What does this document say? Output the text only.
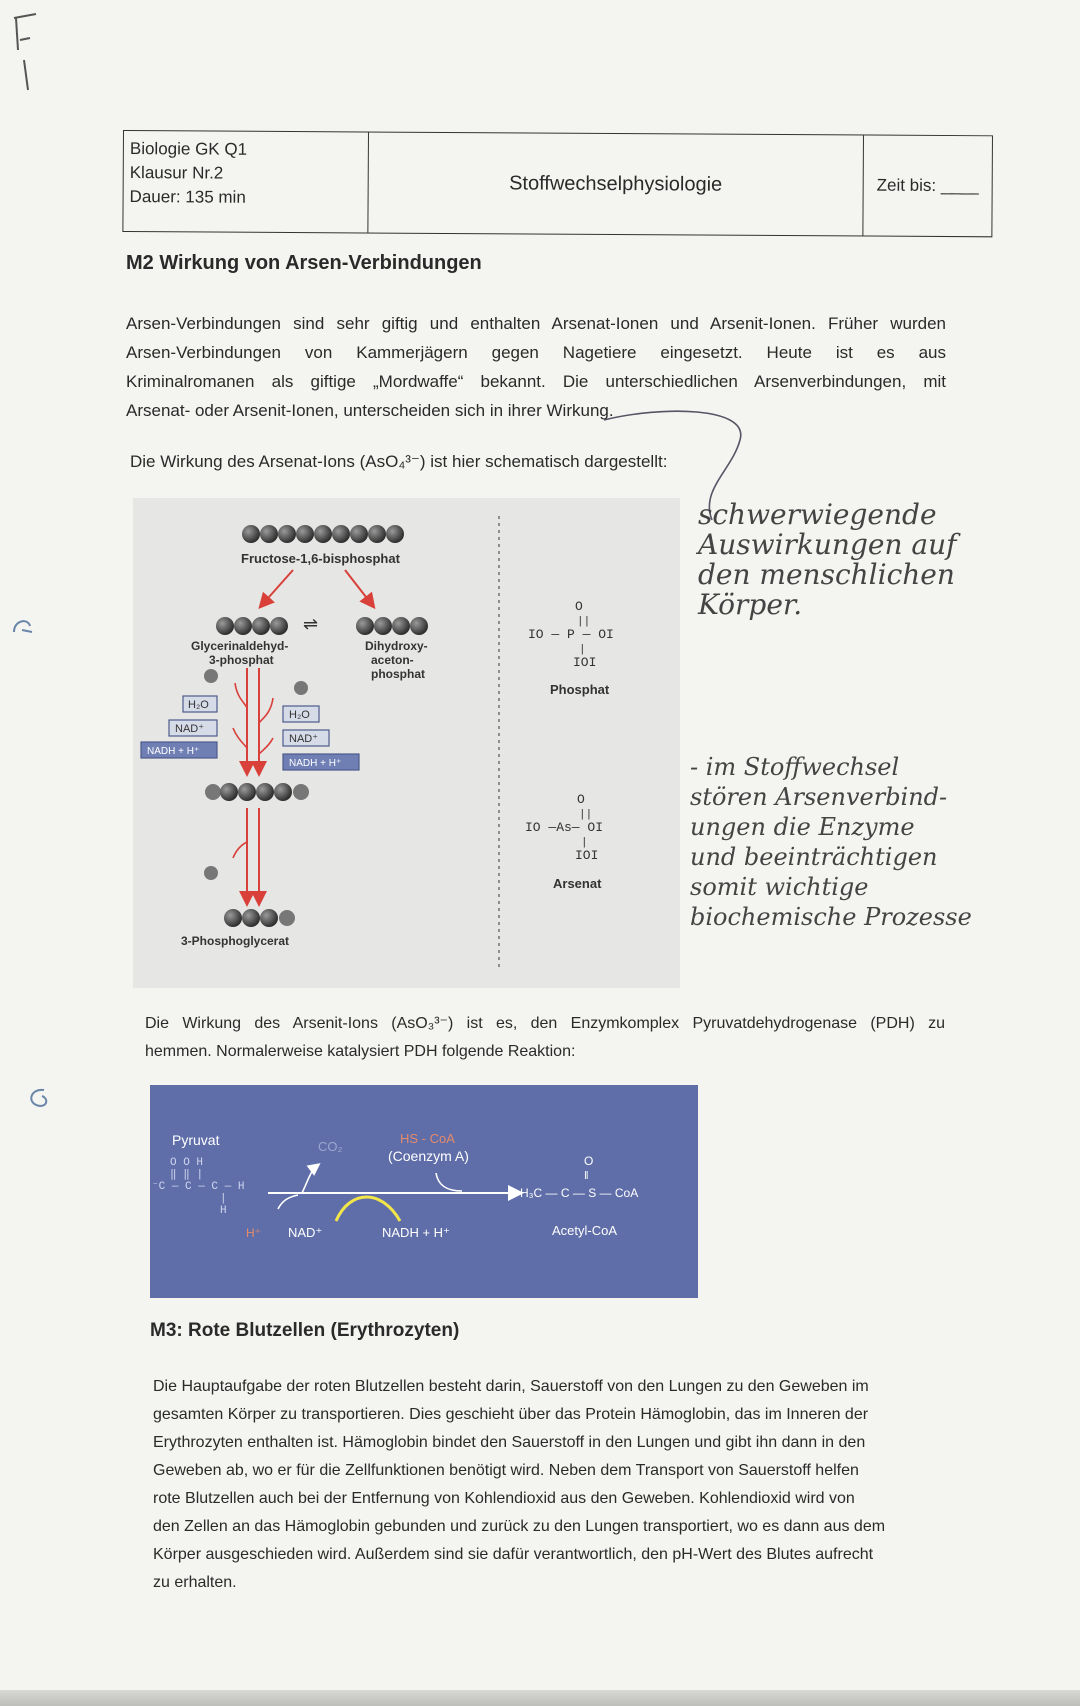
Biologie GK Q1
Klausur Nr.2
Dauer: 135 min
Stoffwechselphysiologie	Zeit bis: ____
M2 Wirkung von Arsen-Verbindungen
Arsen-Verbindungen sind sehr giftig und enthalten Arsenat-Ionen und Arsenit-Ionen. Früher wurden
Arsen-Verbindungen von Kammerjägern gegen Nagetiere eingesetzt. Heute ist es aus
Kriminalromanen als giftige „Mordwaffe“ bekannt. Die unterschiedlichen Arsenverbindungen, mit
Arsenat- oder Arsenit-Ionen, unterscheiden sich in ihrer Wirkung.
Die Wirkung des Arsenat-Ions (AsO₄³⁻) ist hier schematisch dargestellt:
Fructose-1,6-bisphosphat
⇌
Glycerinaldehyd-
3-phosphat
Dihydroxy-
aceton-
phosphat
H₂O
NAD⁺
NADH + H⁺
H₂O
NAD⁺
NADH + H⁺
3-Phosphoglycerat
O
||
IO — P — OI
|
IOI
Phosphat
O
||
IO —As— OI
|
IOI
Arsenat
schwerwiegende
Auswirkungen auf
den menschlichen
Körper.
- im Stoffwechsel
stören Arsenverbind-
ungen die Enzyme
und beeinträchtigen
somit wichtige
biochemische Prozesse
Die Wirkung des Arsenit-Ions (AsO₃³⁻) ist es, den Enzymkomplex Pyruvatdehydrogenase (PDH) zu
hemmen. Normalerweise katalysiert PDH folgende Reaktion:
Pyruvat
O O H
‖ ‖ |
⁻C — C — C — H
|
H
CO₂
HS - CoA
(Coenzym A)
H⁺ NAD⁺	NADH + H⁺
O
‖
H₃C — C — S — CoA
Acetyl-CoA
M3: Rote Blutzellen (Erythrozyten)
Die Hauptaufgabe der roten Blutzellen besteht darin, Sauerstoff von den Lungen zu den Geweben im
gesamten Körper zu transportieren. Dies geschieht über das Protein Hämoglobin, das im Inneren der
Erythrozyten enthalten ist. Hämoglobin bindet den Sauerstoff in den Lungen und gibt ihn dann in den
Geweben ab, wo er für die Zellfunktionen benötigt wird. Neben dem Transport von Sauerstoff helfen
rote Blutzellen auch bei der Entfernung von Kohlendioxid aus den Geweben. Kohlendioxid wird von
den Zellen an das Hämoglobin gebunden und zurück zu den Lungen transportiert, wo es dann aus dem
Körper ausgeschieden wird. Außerdem sind sie dafür verantwortlich, den pH-Wert des Blutes aufrecht
zu erhalten.
